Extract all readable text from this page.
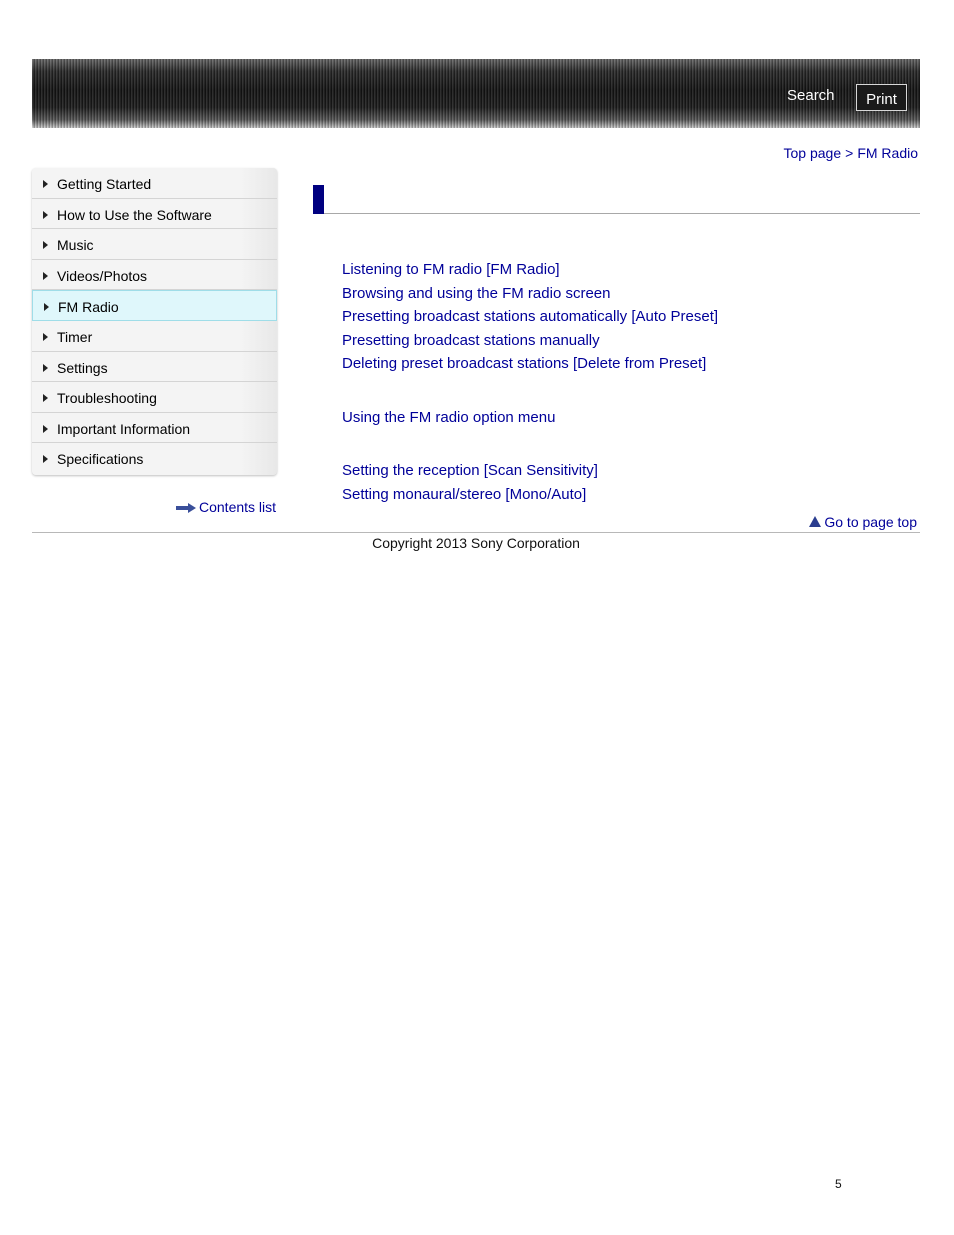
Search	Print
Top page > FM Radio
Getting Started
How to Use the Software
Music
Videos/Photos
FM Radio
Timer
Settings
Troubleshooting
Important Information
Specifications
Contents list
Listening to FM radio [FM Radio]
Browsing and using the FM radio screen
Presetting broadcast stations automatically [Auto Preset]
Presetting broadcast stations manually
Deleting preset broadcast stations [Delete from Preset]
Using the FM radio option menu
Setting the reception [Scan Sensitivity]
Setting monaural/stereo [Mono/Auto]
Go to page top
Copyright 2013 Sony Corporation
5
